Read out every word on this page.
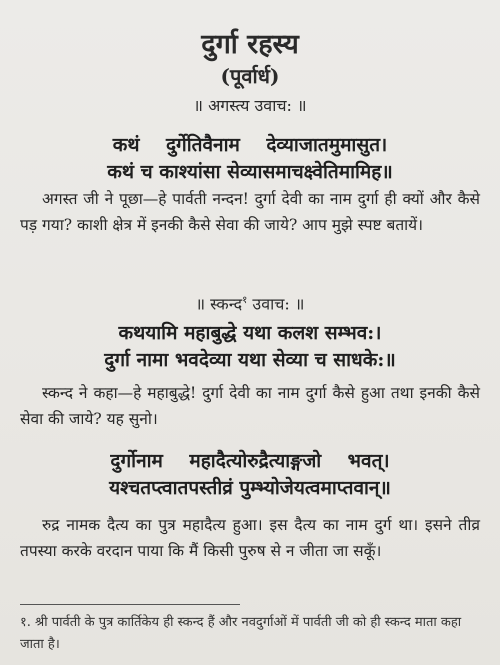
दुर्गा रहस्य
(पूर्वार्ध)
॥ अगस्त्य उवाच: ॥
कथं    दुर्गेतिवैनाम    देव्याजातमुमासुत।
कथं च काश्यांसा सेव्यासमाचक्ष्वेतिमामिह॥
अगस्त जी ने पूछा—हे पार्वती नन्दन! दुर्गा देवी का नाम दुर्गा ही क्यों और कैसे पड़ गया? काशी क्षेत्र में इनकी कैसे सेवा की जाये? आप मुझे स्पष्ट बतायें।
॥ स्कन्द$^१$ उवाच: ॥
कथयामि महाबुद्धे यथा कलश सम्भव:।
दुर्गा नामा भवदेव्या यथा सेव्या च साधके:॥
स्कन्द ने कहा—हे महाबुद्धे! दुर्गा देवी का नाम दुर्गा कैसे हुआ तथा इनकी कैसे सेवा की जाये? यह सुनो।
दुर्गोनाम    महादैत्योरुद्रैत्याङ्गजो    भवत्।
यश्चतप्त्वातपस्तीव्रं पुम्भ्योजेयत्वमाप्तवान्॥
रुद्र नामक दैत्य का पुत्र महादैत्य हुआ। इस दैत्य का नाम दुर्ग था। इसने तीव्र तपस्या करके वरदान पाया कि मैं किसी पुरुष से न जीता जा सकूँ।
१. श्री पार्वती के पुत्र कार्तिकेय ही स्कन्द हैं और नवदुर्गाओं में पार्वती जी को ही स्कन्द माता कहा जाता है।
